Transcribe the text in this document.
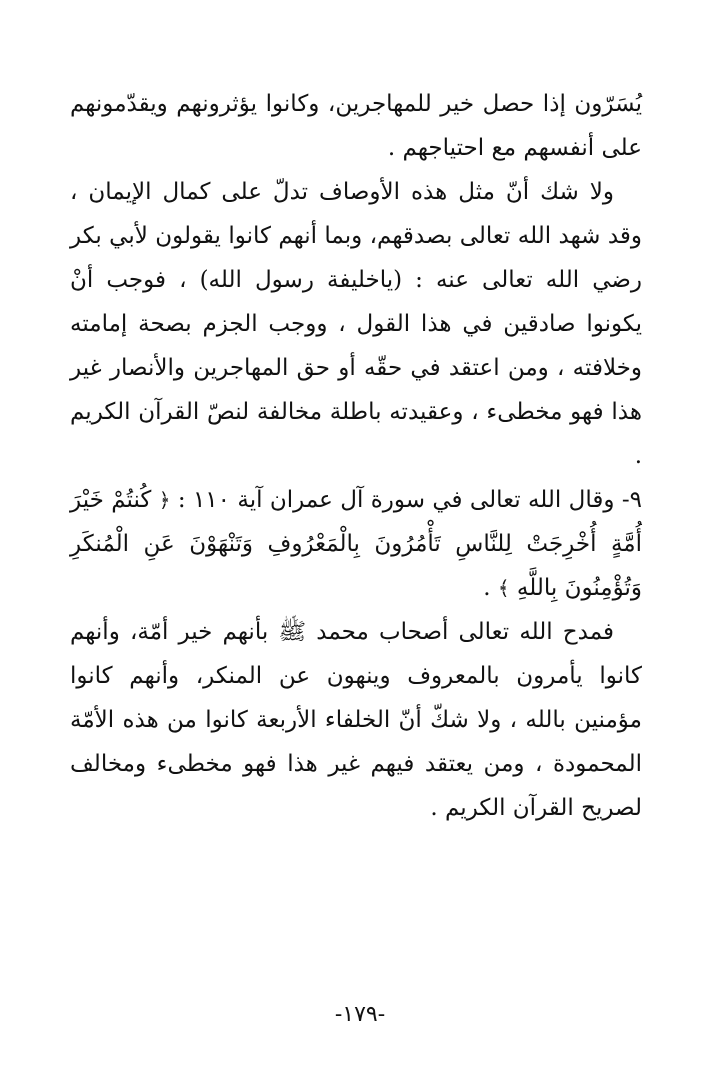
يُسَرّون إذا حصل خير للمهاجرين، وكانوا يؤثرونهم ويقدّمونهم على أنفسهم مع احتياجهم .

ولا شك أنّ مثل هذه الأوصاف تدلّ على كمال الإيمان ، وقد شهد الله تعالى بصدقهم، وبما أنهم كانوا يقولون لأبي بكر رضي الله تعالى عنه : (ياخليفة رسول الله) ، فوجب أنْ يكونوا صادقين في هذا القول ، ووجب الجزم بصحة إمامته وخلافته ، ومن اعتقد في حقّه أو حق المهاجرين والأنصار غير هذا فهو مخطىء ، وعقيدته باطلة مخالفة لنصّ القرآن الكريم .

٩- وقال الله تعالى في سورة آل عمران آية ١١٠ : ﴿ كُنتُمْ خَيْرَ أُمَّةٍ أُخْرِجَتْ لِلنَّاسِ تَأْمُرُونَ بِالْمَعْرُوفِ وَتَنْهَوْنَ عَنِ الْمُنكَرِ وَتُؤْمِنُونَ بِاللَّهِ ﴾ .

فمدح الله تعالى أصحاب محمد ﷺ بأنهم خير أمّة، وأنهم كانوا يأمرون بالمعروف وينهون عن المنكر، وأنهم كانوا مؤمنين بالله ، ولا شكّ أنّ الخلفاء الأربعة كانوا من هذه الأمّة المحمودة ، ومن يعتقد فيهم غير هذا فهو مخطىء ومخالف لصريح القرآن الكريم .

-١٧٩-
